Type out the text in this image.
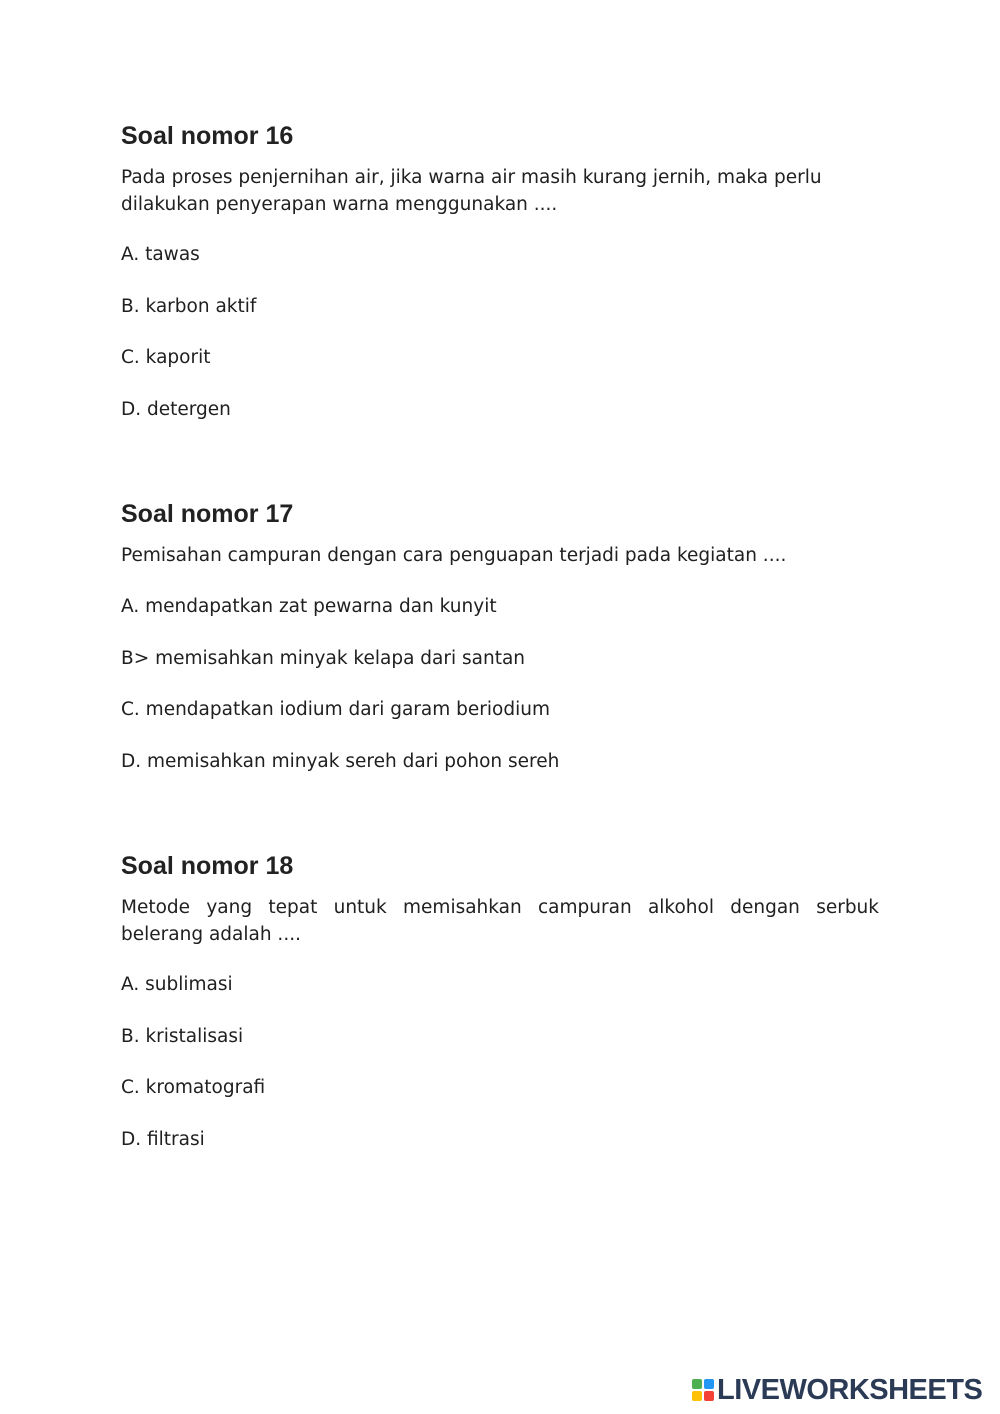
Soal nomor 16

Pada proses penjernihan air, jika warna air masih kurang jernih, maka perlu dilakukan penyerapan warna menggunakan ....

A. tawas

B. karbon aktif

C. kaporit

D. detergen

Soal nomor 17

Pemisahan campuran dengan cara penguapan terjadi pada kegiatan ....

A. mendapatkan zat pewarna dan kunyit

B> memisahkan minyak kelapa dari santan

C. mendapatkan iodium dari garam beriodium

D. memisahkan minyak sereh dari pohon sereh

Soal nomor 18

Metode yang tepat untuk memisahkan campuran alkohol dengan serbuk belerang adalah ....

A. sublimasi

B. kristalisasi

C. kromatografi

D. filtrasi

LIVEWORKSHEETS
